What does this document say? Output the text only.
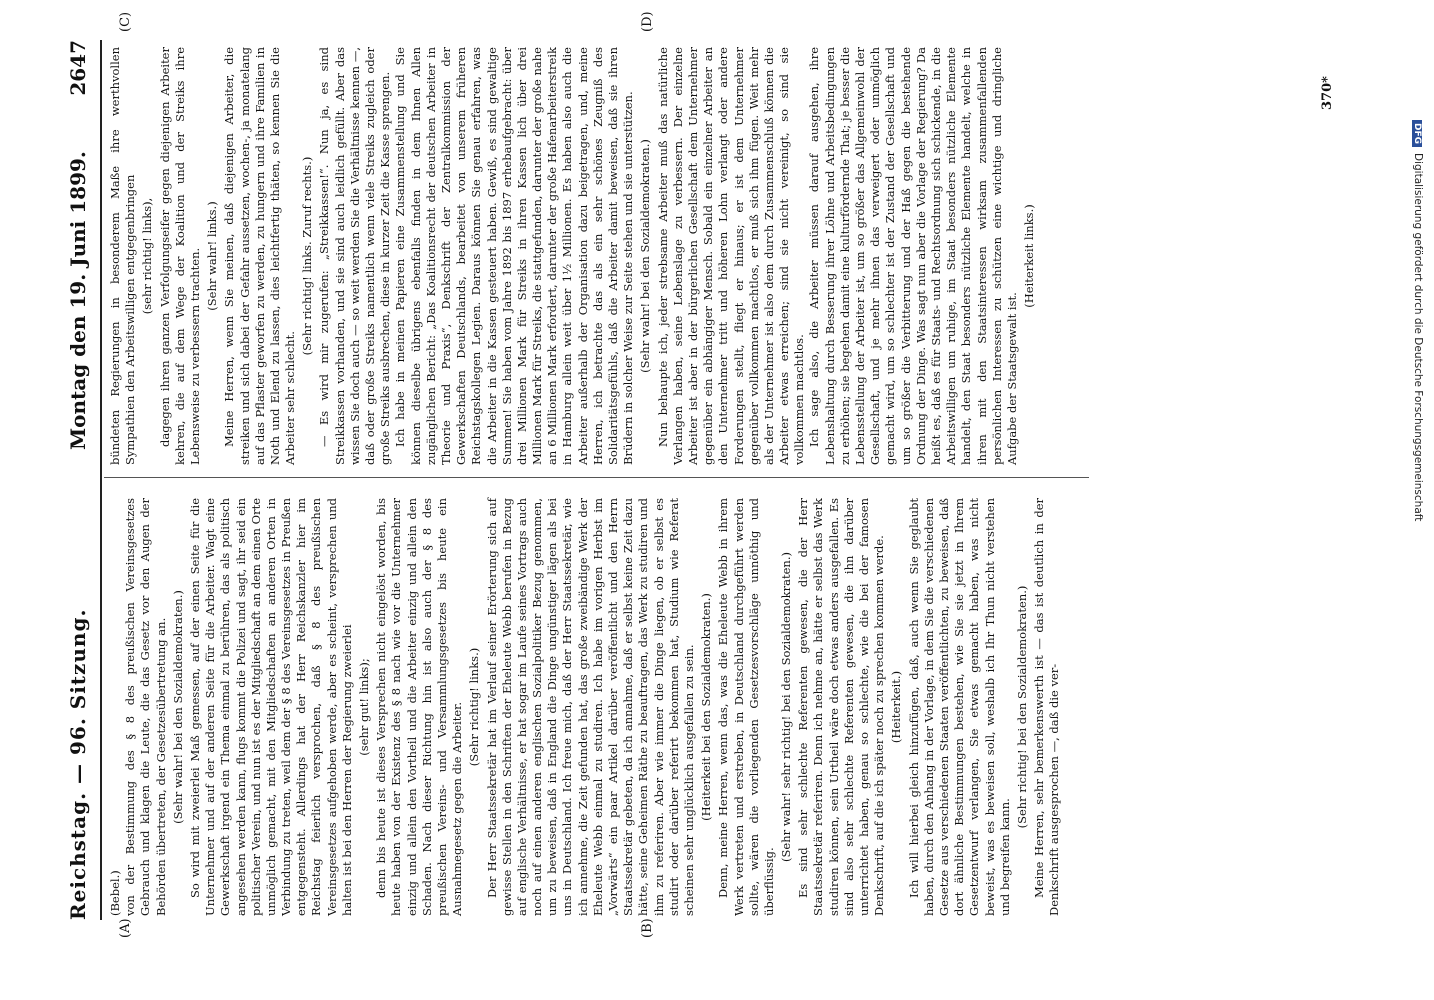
Reichstag. — 96. Sitzung.
Montag den 19. Juni 1899.
2647

(Bebel.) von der Bestimmung des § 8 des preußischen Vereinsgesetzes Gebrauch und klagen die Leute, die das Gesetz vor den Augen der Behörden übertreten, der Gesetzesübertretung an. (Sehr wahr! bei den Sozialdemokraten.) So wird mit zweierlei Maß gemessen, auf der einen Seite für die Unternehmer und auf der anderen Seite für die Arbeiter. Wagt eine Gewerkschaft irgend ein Thema einmal zu berühren, das als politisch angesehen werden kann, flugs kommt die Polizei und sagt, ihr seid ein politischer Verein, und nun ist es der Mitgliedschaft an dem einen Orte unmöglich gemacht, mit den Mitgliedschaften an anderen Orten in Verbindung zu treten, weil dem der § 8 des Vereinsgesetzes in Preußen entgegensteht. Allerdings hat der Herr Reichskanzler hier im Reichstag feierlich versprochen, daß § 8 des preußischen Vereinsgesetzes aufgehoben werde, aber es scheint, versprechen und halten ist bei den Herren der Regierung zweierlei (sehr gut! links); denn bis heute ist dieses Versprechen nicht eingelöst worden, bis heute haben von der Existenz des § 8 nach wie vor die Unternehmer einzig und allein den Vortheil und die Arbeiter einzig und allein den Schaden. Nach dieser Richtung hin ist also auch der § 8 des preußischen Vereins- und Versammlungsgesetzes bis heute ein Ausnahmegesetz gegen die Arbeiter. (Sehr richtig! links.) Der Herr Staatssekretär hat im Verlauf seiner Erörterung sich auf gewisse Stellen in den Schriften der Eheleute Webb berufen in Bezug auf englische Verhältnisse, er hat sogar im Laufe seines Vortrags auch noch auf einen anderen englischen Sozialpolitiker Bezug genommen, um zu beweisen, daß in England die Dinge ungünstiger lägen als bei uns in Deutschland. Ich freue mich, daß der Herr Staatssekretär, wie ich annehme, die Zeit gefunden hat, das große zweibändige Werk der Eheleute Webb einmal zu studiren. Ich habe im vorigen Herbst im „Vorwärts“ ein paar Artikel darüber veröffentlicht und den Herrn Staatssekretär gebeten, da ich annahme, daß er selbst keine Zeit dazu hätte, seine Geheimen Räthe zu beauftragen, das Werk zu studiren und ihm zu referiren. Aber wie immer die Dinge liegen, ob er selbst es studirt oder darüber referirt bekommen hat, Studium wie Referat scheinen sehr unglücklich ausgefallen zu sein. (Heiterkeit bei den Sozialdemokraten.) Denn, meine Herren, wenn das, was die Eheleute Webb in ihrem Werk vertreten und erstreben, in Deutschland durchgeführt werden sollte, wären die vorliegenden Gesetzesvorschläge unnöthig und überflüssig.

(Sehr wahr! sehr richtig! bei den Sozialdemokraten.) Es sind sehr schlechte Referenten gewesen, die der Herr Staatssekretär referiren. Denn ich nehme an, hätte er selbst das Werk studiren können, sein Urtheil wäre doch etwas anders ausgefallen. Es sind also sehr schlechte Referenten gewesen, die ihn darüber unterrichtet haben, genau so schlechte, wie die bei der famosen Denkschrift, auf die ich später noch zu sprechen kommen werde. (Heiterkeit.) Ich will hierbei gleich hinzufügen, daß, auch wenn Sie geglaubt haben, durch den Anhang in der Vorlage, in dem Sie die verschiedenen Gesetze aus verschiedenen Staaten veröffentlichten, zu beweisen, daß dort ähnliche Bestimmungen bestehen, wie Sie sie jetzt in Ihrem Gesetzentwurf verlangen, Sie etwas gemacht haben, was nicht beweist, was es beweisen soll, weshalb ich Ihr Thun nicht verstehen und begreifen kann.

(Sehr richtig! bei den Sozialdemokraten.) Meine Herren, sehr bemerkenswerth ist — das ist deutlich in der Denkschrift ausgesprochen —, daß die ver-

bündeten Regierungen in besonderem Maße ihre werthvollen Sympathien den Arbeitswilligen entgegenbringen (sehr richtig! links), dagegen ihren ganzen Verfolgungseifer gegen diejenigen Arbeiter kehren, die auf dem Wege der Koalition und der Streiks ihre Lebensweise zu verbessern trachten. (Sehr wahr! links.) Meine Herren, wenn Sie meinen, daß diejenigen Arbeiter, die streiken und sich dabei der Gefahr aussetzen, wochen-, ja monatelang auf das Pflaster geworfen zu werden, zu hungern und ihre Familien in Noth und Elend zu lassen, dies leichtfertig thäten, so kennen Sie die Arbeiter sehr schlecht.

(Sehr richtig! links. Zuruf rechts.) — Es wird mir zugerufen: „Streikkassen!“. Nun ja, es sind Streikkassen vorhanden, und sie sind auch leidlich gefüllt. Aber das wissen Sie doch auch — so weit werden Sie die Verhältnisse kennen —, daß oder große Streiks namentlich wenn viele Streiks zugleich oder große Streiks ausbrechen, diese in kurzer Zeit die Kasse sprengen. Ich habe in meinen Papieren eine Zusammenstellung und Sie können dieselbe übrigens ebenfalls finden in dem Ihnen Allen zugänglichen Bericht: „Das Koalitionsrecht der deutschen Arbeiter in Theorie und Praxis“, Denkschrift der Zentralkommission der Gewerkschaften Deutschlands, bearbeitet von unserem früheren Reichstagskollegen Legien. Daraus können Sie genau erfahren, was die Arbeiter in die Kassen gesteuert haben. Gewiß, es sind gewaltige Summen! Sie haben vom Jahre 1892 bis 1897 erhebaufgebracht: über drei Millionen Mark für Streiks in ihren Kassen lich über drei Millionen Mark für Streiks, die stattgefunden, darunter der große nahe an 6 Millionen Mark erfordert, darunter der große Hafenarbeiterstreik in Hamburg allein weit über 1½ Millionen. Es haben also auch die Arbeiter außerhalb der Organisation dazu beigetragen, und, meine Herren, ich betrachte das als ein sehr schönes Zeugniß des Solidaritätsgefühls, daß die Arbeiter damit beweisen, daß sie ihren Brüdern in solcher Weise zur Seite stehen und sie unterstützen. (Sehr wahr! bei den Sozialdemokraten.) Nun behaupte ich, jeder strebsame Arbeiter muß das natürliche Verlangen haben, seine Lebenslage zu verbessern. Der einzelne Arbeiter ist aber in der bürgerlichen Gesellschaft dem Unternehmer gegenüber ein abhängiger Mensch. Sobald ein einzelner Arbeiter an den Unternehmer tritt und höheren Lohn verlangt oder andere Forderungen stellt, fliegt er hinaus; er ist dem Unternehmer gegenüber vollkommen machtlos, er muß sich ihm fügen. Weit mehr als der Unternehmer ist also dem durch Zusammenschluß können die Arbeiter etwas erreichen; sind sie nicht vereinigt, so sind sie vollkommen machtlos. Ich sage also, die Arbeiter müssen darauf ausgehen, ihre Lebenshaltung durch Besserung ihrer Löhne und Arbeitsbedingungen zu erhöhen; sie begehen damit eine kulturfördernde That; je besser die Lebensstellung der Arbeiter ist, um so größer das Allgemeinwohl der Gesellschaft, und je mehr ihnen das verweigert oder unmöglich gemacht wird, um so schlechter ist der Zustand der Gesellschaft und um so größer die Verbitterung und der Haß gegen die bestehende Ordnung der Dinge. Was sagt nun aber die Vorlage der Regierung? Da heißt es, daß es für Staats- und Rechtsordnung sich schickende, in die Arbeitswilligen um ruhige, im Staat besonders nützliche Elemente handelt, den Staat besonders nützliche Elemente handelt, welche in ihren mit den Staatsinteressen wirksam zusammenfallenden persönlichen Interessen zu schützen eine wichtige und dringliche Aufgabe der Staatsgewalt ist.

(Heiterkeit links.)

(A)	(B)
(C)	(D)
370*
DFGDigitalisierung gefördert durch die Deutsche Forschungsgemeinschaft
